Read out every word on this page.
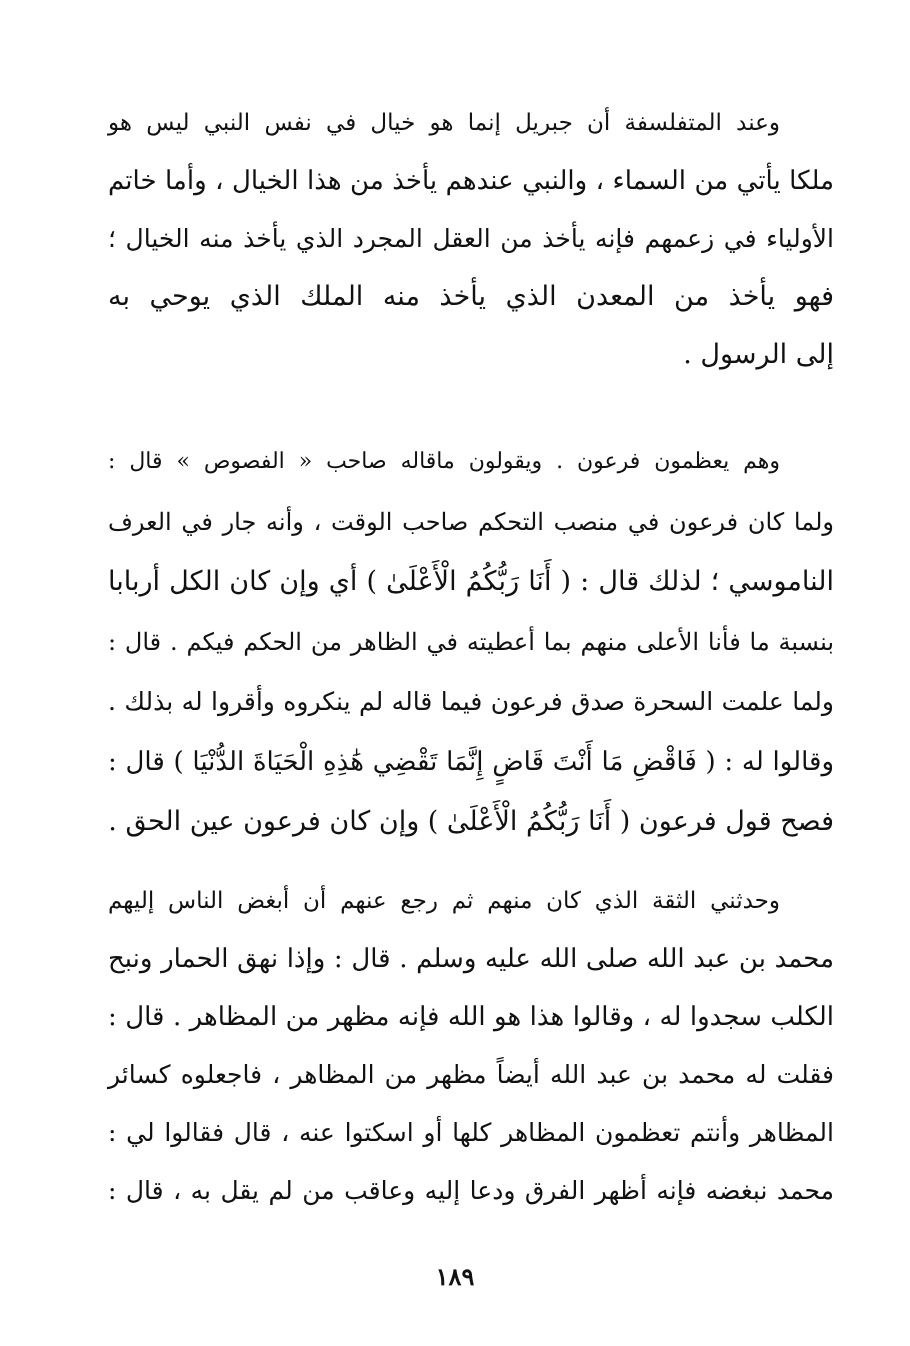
وعند المتفلسفة أن جبريل إنما هو خيال في نفس النبي ليس هو
ملكا يأتي من السماء ، والنبي عندهم يأخذ من هذا الخيال ، وأما خاتم
الأولياء في زعمهم فإنه يأخذ من العقل المجرد الذي يأخذ منه الخيال ؛
فهو يأخذ من المعدن الذي يأخذ منه الملك الذي يوحي به
إلى الرسول .
وهم يعظمون فرعون . ويقولون ماقاله صاحب « الفصوص » قال :
ولما كان فرعون في منصب التحكم صاحب الوقت ، وأنه جار في العرف
الناموسي ؛ لذلك قال : ( أَنَا رَبُّكُمُ الْأَعْلَىٰ ) أي وإن كان الكل أربابا
بنسبة ما فأنا الأعلى منهم بما أعطيته في الظاهر من الحكم فيكم . قال :
ولما علمت السحرة صدق فرعون فيما قاله لم ينكروه وأقروا له بذلك .
وقالوا له : ( فَاقْضِ مَا أَنْتَ قَاضٍ إِنَّمَا تَقْضِي هَٰذِهِ الْحَيَاةَ الدُّنْيَا ) قال :
فصح قول فرعون ( أَنَا رَبُّكُمُ الْأَعْلَىٰ ) وإن كان فرعون عين الحق .
وحدثني الثقة الذي كان منهم ثم رجع عنهم أن أبغض الناس إليهم
محمد بن عبد الله صلى الله عليه وسلم . قال : وإذا نهق الحمار ونبح
الكلب سجدوا له ، وقالوا هذا هو الله فإنه مظهر من المظاهر . قال :
فقلت له محمد بن عبد الله أيضاً مظهر من المظاهر ، فاجعلوه كسائر
المظاهر وأنتم تعظمون المظاهر كلها أو اسكتوا عنه ، قال فقالوا لي :
محمد نبغضه فإنه أظهر الفرق ودعا إليه وعاقب من لم يقل به ، قال :
١٨٩
